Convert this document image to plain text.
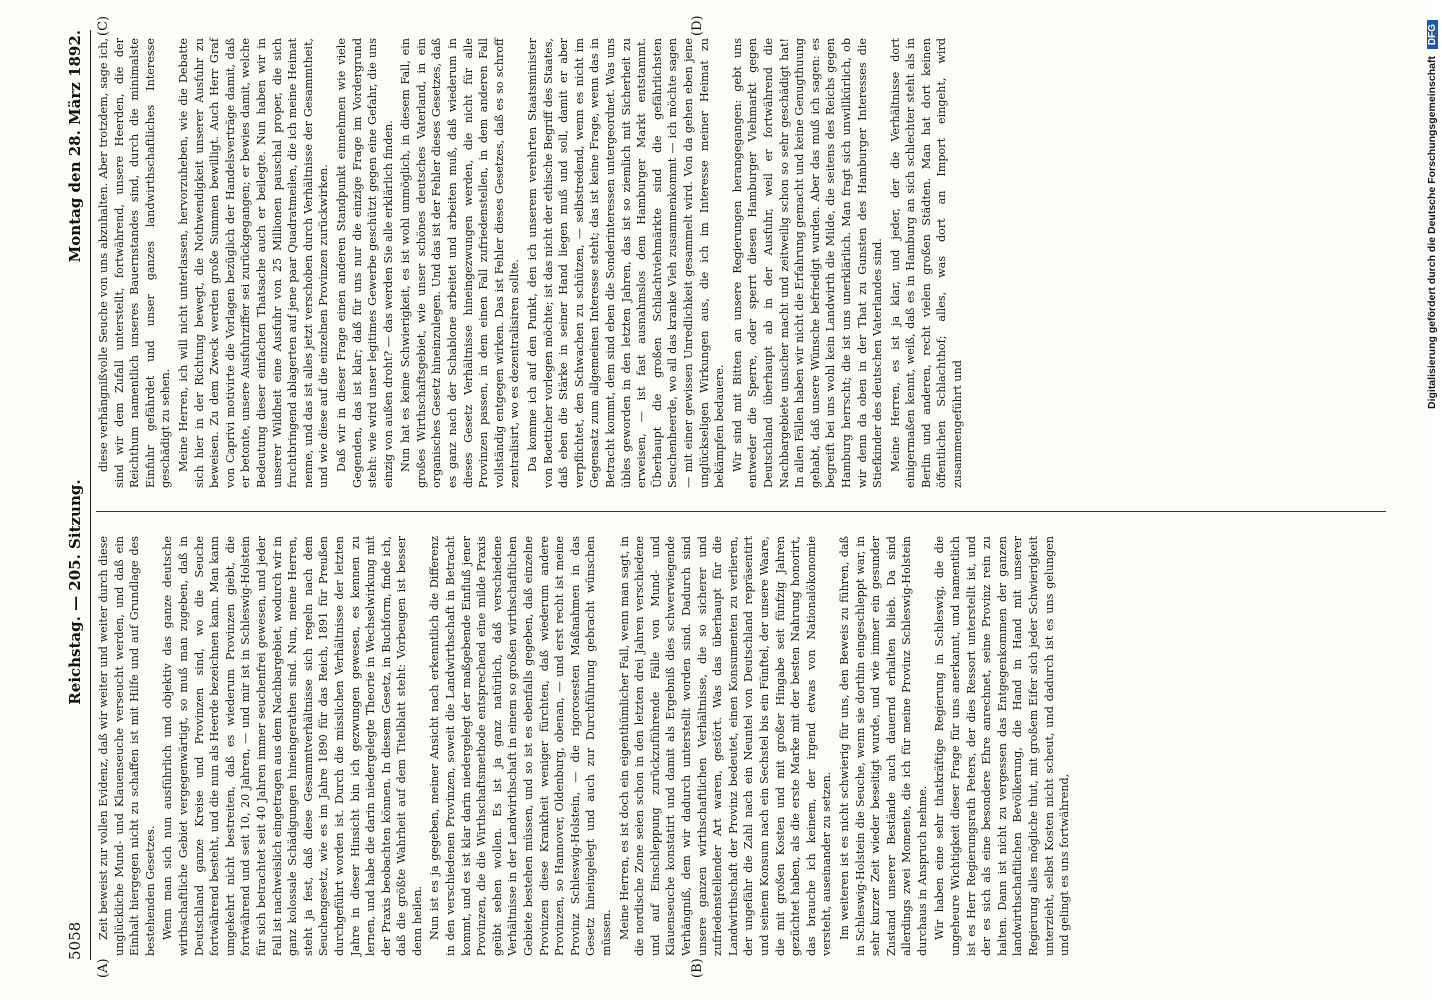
5058
Reichstag. — 205. Sitzung.
Montag den 28. März 1892.
(A)	(B)
(C)	(D)

Zeit beweist zur vollen Evidenz, daß wir weiter und weiter durch diese unglückliche Mund- und Klauenseuche verseucht werden, und daß ein Einhalt hiergegen nicht zu schaffen ist mit Hilfe und auf Grundlage des bestehenden Gesetzes. Wenn man sich nun ausführlich und objektiv das ganze deutsche wirthschaftliche Gebiet vergegenwärtigt, so muß man zugeben, daß in Deutschland ganze Kreise und Provinzen sind, wo die Seuche fortwährend besteht, und die nun als Heerde bezeichnen kann. Man kann umgekehrt nicht bestreiten, daß es wiederum Provinzen giebt, die fortwährend und seit 10, 20 Jahren, — und mir ist in Schleswig-Holstein für sich betrachtet seit 40 Jahren immer seuchenfrei gewesen, und jeder Fall ist nachweislich eingetragen aus dem Nachbargebiet, wodurch wir in ganz kolossale Schädigungen hineingerathen sind. Nun, meine Herren, steht ja fest, daß diese Gesammtverhältnisse sich regeln nach dem Seuchengesetz, wie es im Jahre 1890 für das Reich, 1891 für Preußen durchgeführt worden ist. Durch die misslichen Verhältnisse der letzten Jahre in dieser Hinsicht bin ich gezwungen gewesen, es kennen zu lernen, und habe die darin niedergelegte Theorie in Wechselwirkung mit der Praxis beobachten können. In diesem Gesetz, in Buchform, finde ich, daß die größte Wahrheit auf dem Titelblatt steht: Vorbeugen ist besser denn heilen. Nun ist es ja gegeben, meiner Ansicht nach erkenntlich die Differenz in den verschiedenen Provinzen, soweit die Landwirthschaft in Betracht kommt, und es ist klar darin niedergelegt der maßgebende Einfluß jener Provinzen, die die Wirthschaftsmethode entsprechend eine milde Praxis geübt sehen wollen. Es ist ja ganz natürlich, daß verschiedene Verhältnisse in der Landwirthschaft in einem so großen wirthschaftlichen Gebiete bestehen müssen, und so ist es ebenfalls gegeben, daß einzelne Provinzen diese Krankheit weniger fürchten, daß wiederum andere Provinzen, so Hannover, Oldenburg, obenan, — und erst recht ist meine Provinz Schleswig-Holstein, — die rigorosesten Maßnahmen in das Gesetz hineingelegt und auch zur Durchführung gebracht wünschen müssen. Meine Herren, es ist doch ein eigenthümlicher Fall, wenn man sagt, in die nordische Zone seien schon in den letzten drei Jahren verschiedene und auf Einschleppung zurückzuführende Fälle von Mund- und Klauenseuche konstatirt und damit als Ergebniß dies schwerwiegende Verhängniß, dem wir dadurch unterstellt worden sind. Dadurch sind unsere ganzen wirthschaftlichen Verhältnisse, die so sicherer und zufriedenstellender Art waren, gestört. Was das überhaupt für die Landwirthschaft der Provinz bedeutet, einen Konsumenten zu verlieren, der ungefähr die Zahl nach ein Neuntel von Deutschland repräsentirt und seinem Konsum nach ein Sechstel bis ein Fünftel, der unsere Waare, die mit großen Kosten und mit großer Hingabe seit fünfzig Jahren gezüchtet haben, als die erste Marke mit der besten Nahrung honorirt, das brauche ich keinem, der irgend etwas von Nationalökonomie versteht, auseinander zu setzen. Im weiteren ist es nicht schwierig für uns, den Beweis zu führen, daß in Schleswig-Holstein die Seuche, wenn sie dorthin eingeschleppt war, in sehr kurzer Zeit wieder beseitigt wurde, und wie immer ein gesunder Zustand unserer Bestände auch dauernd erhalten blieb. Da sind allerdings zwei Momente, die ich für meine Provinz Schleswig-Holstein durchaus in Anspruch nehme. Wir haben eine sehr thatkräftige Regierung in Schleswig, die die ungeheure Wichtigkeit dieser Frage für uns anerkannt, und namentlich ist es Herr Regierungsrath Peters, der dies Ressort unterstellt ist, und der es sich als eine besondere Ehre anrechnet, seine Provinz rein zu halten. Dann ist nicht zu vergessen das Entgegenkommen der ganzen landwirthschaftlichen Bevölkerung, die Hand in Hand mit unserer Regierung alles mögliche thut, mit großem Eifer sich jeder Schwierigkeit unterzieht, selbst Kosten nicht scheut, und dadurch ist es uns gelungen und gelingt es uns fortwährend,

diese verhängnißvolle Seuche von uns abzuhalten. Aber trotzdem, sage ich, sind wir dem Zufall unterstellt, fortwährend, unsere Heerden, die der Reichthum namentlich unseres Bauernstandes sind, durch die minimalste Einfuhr gefährdet und unser ganzes landwirthschaftliches Interesse geschädigt zu sehen. Meine Herren, ich will nicht unterlassen, hervorzuheben, wie die Debatte sich hier in der Richtung bewegt, die Nothwendigkeit unserer Ausfuhr zu beweisen. Zu dem Zweck werden große Summen bewilligt. Auch Herr Graf von Caprivi motivirte die Vorlagen bezüglich der Handelsverträge damit, daß er betonte, unsere Ausfuhrziffer sei zurückgegangen; er bewies damit, welche Bedeutung dieser einfachen Thatsache auch er beilegte. Nun haben wir in unserer Wildheit eine Ausfuhr von 25 Millionen pauschal proper, die sich fruchtbringend ablagerten auf jene paar Quadratmeilen, die ich meine Heimat nenne, und das ist alles jetzt verschoben durch Verhältnisse der Gesammtheit, und wie diese auf die einzelnen Provinzen zurückwirken. Daß wir in dieser Frage einen anderen Standpunkt einnehmen wie viele Gegenden, das ist klar; daß für uns nur die einzige Frage im Vordergrund steht: wie wird unser legitimes Gewerbe geschützt gegen eine Gefahr, die uns einzig von außen droht? — das werden Sie alle erklärlich finden. Nun hat es keine Schwierigkeit, es ist wohl unmöglich, in diesem Fall, ein großes Wirthschaftsgebiet, wie unser schönes deutsches Vaterland, in ein organisches Gesetz hineinzulegen. Und das ist der Fehler dieses Gesetzes, daß es ganz nach der Schablone arbeitet und arbeiten muß, daß wiederum in dieses Gesetz Verhältnisse hineingezwungen werden, die nicht für alle Provinzen passen, in dem einen Fall zufriedenstellen, in dem anderen Fall vollständig entgegen wirken. Das ist Fehler dieses Gesetzes, daß es so schroff zentralisirt, wo es dezentralisiren sollte. Da komme ich auf den Punkt, den ich unserem verehrten Staatsminister von Boetticher vorlegen möchte; ist das nicht der ethische Begriff des Staates, daß eben die Stärke in seiner Hand liegen muß und soll, damit er aber verpflichtet, den Schwachen zu schützen, — selbstredend, wenn es nicht im Gegensatz zum allgemeinen Interesse steht; das ist keine Frage, wenn das in Betracht kommt, dem sind eben die Sonderinteressen untergeordnet. Was uns übles geworden in den letzten Jahren, das ist so ziemlich mit Sicherheit zu erweisen, — ist fast ausnahmslos dem Hamburger Markt entstammt. Überhaupt die großen Schlachtviehmärkte sind die gefährlichsten Seuchenheerde, wo all das kranke Vieh zusammenkommt — ich möchte sagen — mit einer gewissen Unredlichkeit gesammelt wird. Von da gehen eben jene unglückseligen Wirkungen aus, die ich im Interesse meiner Heimat zu bekämpfen bedauere. Wir sind mit Bitten an unsere Regierungen herangegangen: gebt uns entweder die Sperre, oder sperrt diesen Hamburger Viehmarkt gegen Deutschland überhaupt ab in der Ausfuhr, weil er fortwährend die Nachbargebiete unsicher macht und zeitweilig schon so sehr geschädigt hat! In allen Fällen haben wir nicht die Erfahrung gemacht und keine Genugthuung gehabt, daß unsere Wünsche befriedigt wurden. Aber das muß ich sagen: es begreift bei uns wohl kein Landwirth die Milde, die seitens des Reichs gegen Hamburg herrscht; die ist uns unerklärlich. Man fragt sich unwillkürlich, ob wir denn da oben in der That zu Gunsten des Hamburger Interesses die Stiefkinder des deutschen Vaterlandes sind. Meine Herren, es ist ja klar, und jeder, der die Verhältnisse dort einigermaßen kennt, weiß, daß es in Hamburg an sich schlechter steht als in Berlin und anderen, recht vielen großen Städten. Man hat dort keinen öffentlichen Schlachthof; alles, was dort an Import eingeht, wird zusammengeführt und

Digitalisierung gefördert durch die Deutsche Forschungsgemeinschaft DFG
